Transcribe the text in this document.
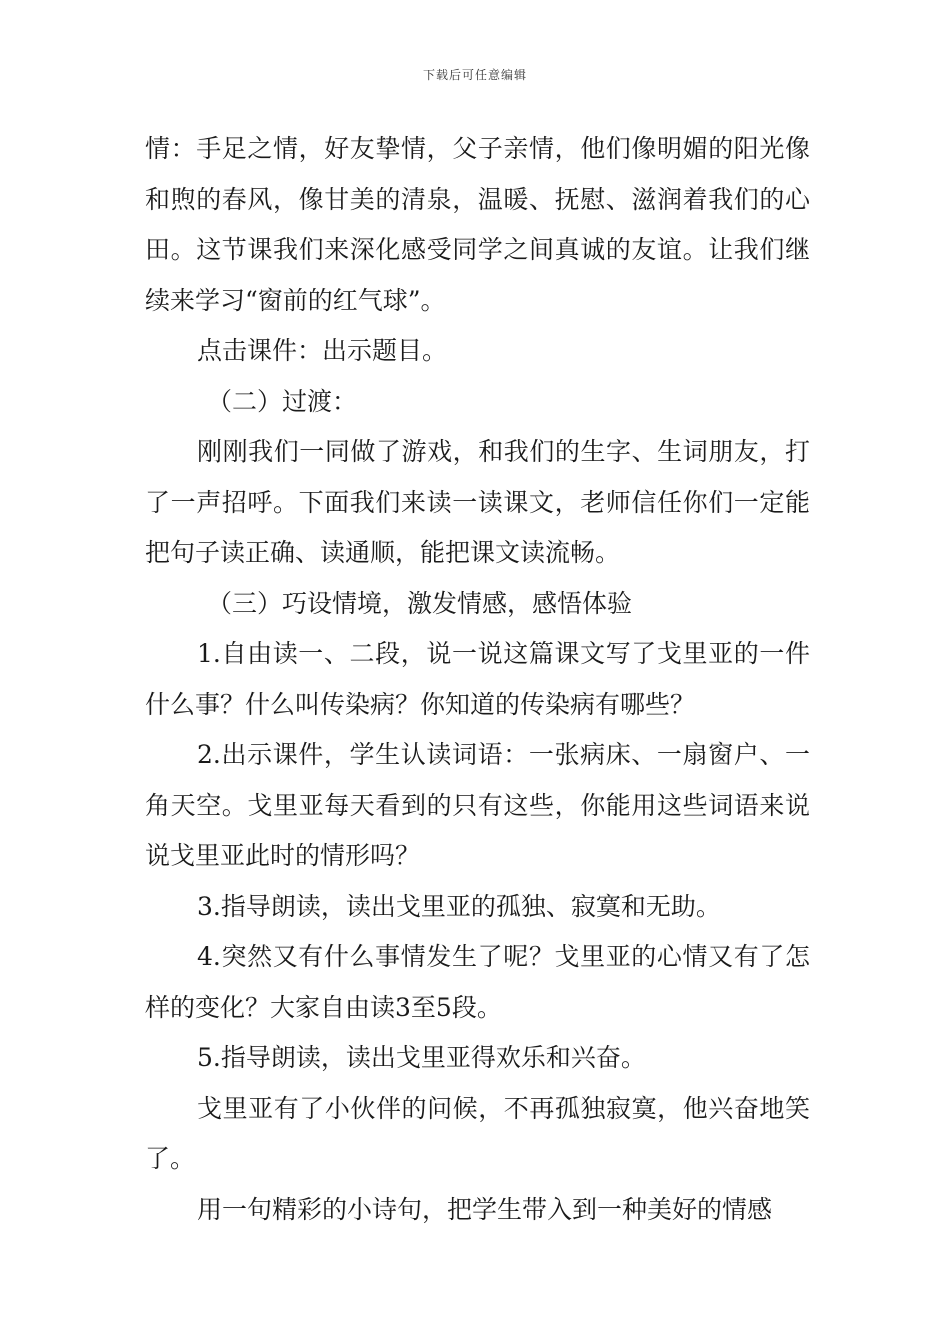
下载后可任意编辑

情：手足之情，好友挚情，父子亲情，他们像明媚的阳光像和煦的春风，像甘美的清泉，温暖、抚慰、滋润着我们的心田。这节课我们来深化感受同学之间真诚的友谊。让我们继续来学习“窗前的红气球”。

点击课件：出示题目。

（二）过渡：

刚刚我们一同做了游戏，和我们的生字、生词朋友，打了一声招呼。下面我们来读一读课文，老师信任你们一定能把句子读正确、读通顺，能把课文读流畅。

（三）巧设情境，激发情感，感悟体验

1.自由读一、二段，说一说这篇课文写了戈里亚的一件什么事？什么叫传染病？你知道的传染病有哪些？

2.出示课件，学生认读词语：一张病床、一扇窗户、一角天空。戈里亚每天看到的只有这些，你能用这些词语来说说戈里亚此时的情形吗？

3.指导朗读，读出戈里亚的孤独、寂寞和无助。

4.突然又有什么事情发生了呢？戈里亚的心情又有了怎样的变化？大家自由读3至5段。

5.指导朗读，读出戈里亚得欢乐和兴奋。

戈里亚有了小伙伴的问候，不再孤独寂寞，他兴奋地笑了。

用一句精彩的小诗句，把学生带入到一种美好的情感
